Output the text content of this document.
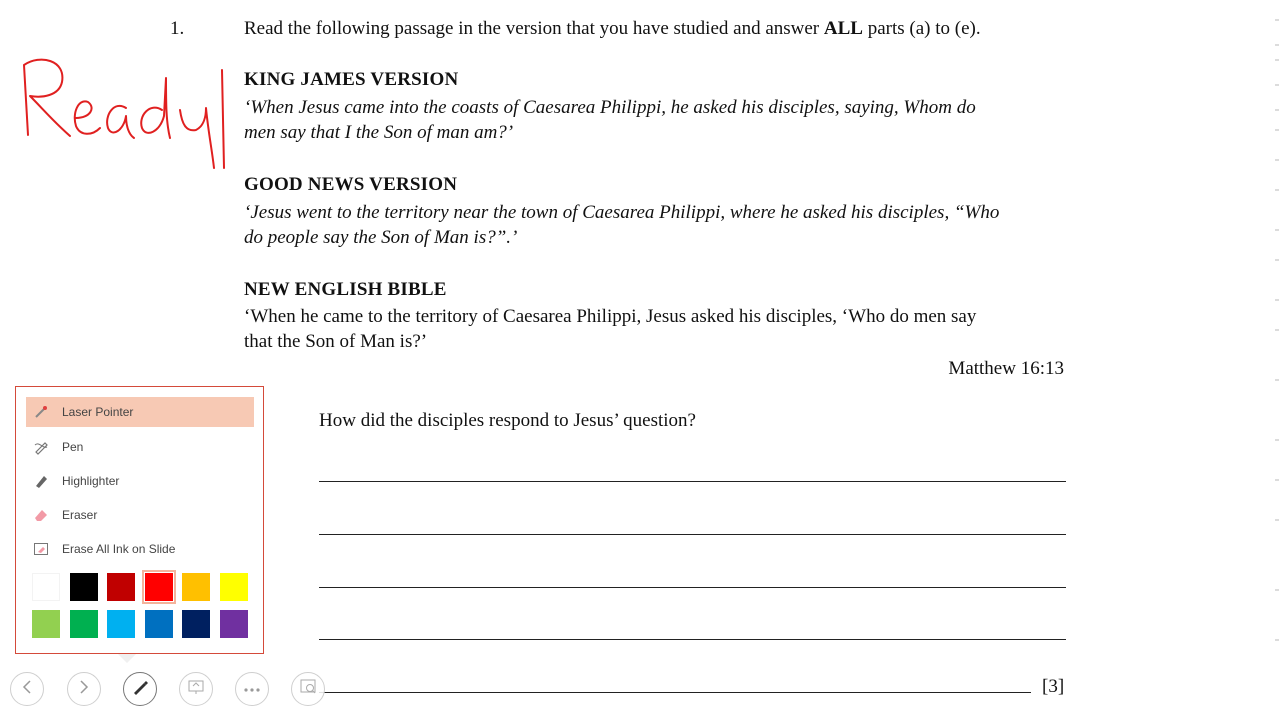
1.	Read the following passage in the version that you have studied and answer ALL parts (a) to (e).
KING JAMES VERSION
‘When Jesus came into the coasts of Caesarea Philippi, he asked his disciples, saying, Whom do
men say that I the Son of man am?’
GOOD NEWS VERSION
‘Jesus went to the territory near the town of Caesarea Philippi, where he asked his disciples, “Who
do people say the Son of Man is?”.’
NEW ENGLISH BIBLE
‘When he came to the territory of Caesarea Philippi, Jesus asked his disciples, ‘Who do men say
that the Son of Man is?’
Matthew 16:13
How did the disciples respond to Jesus’ question?
[3]
Laser Pointer
Pen
Highlighter
Eraser
Erase All Ink on Slide
